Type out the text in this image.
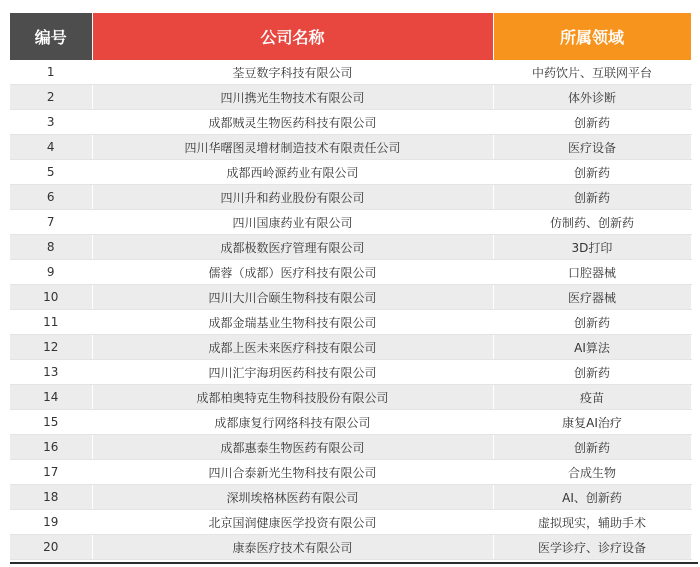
编号	公司名称	所属领域	
1	荃豆数字科技有限公司	中药饮片、互联网平台	
2	四川携光生物技术有限公司	体外诊断	
3	成都贼灵生物医药科技有限公司	创新药	
4	四川华曙图灵增材制造技术有限责任公司	医疗设备	
5	成都西岭源药业有限公司	创新药	
6	四川升和药业股份有限公司	创新药	
7	四川国康药业有限公司	仿制药、创新药	
8	成都极数医疗管理有限公司	3D打印	
9	儒蓉（成都）医疗科技有限公司	口腔器械	
10	四川大川合颐生物科技有限公司	医疗器械	
11	成都金瑞基业生物科技有限公司	创新药	
12	成都上医未来医疗科技有限公司	AI算法	
13	四川汇宇海玥医药科技有限公司	创新药	
14	成都柏奥特克生物科技股份有限公司	疫苗	
15	成都康复行网络科技有限公司	康复AI治疗	
16	成都惠泰生物医药有限公司	创新药	
17	四川合泰新光生物科技有限公司	合成生物	
18	深圳埃格林医药有限公司	AI、创新药	
19	北京国润健康医学投资有限公司	虚拟现实，辅助手术	
20	康泰医疗技术有限公司	医学诊疗、诊疗设备	
